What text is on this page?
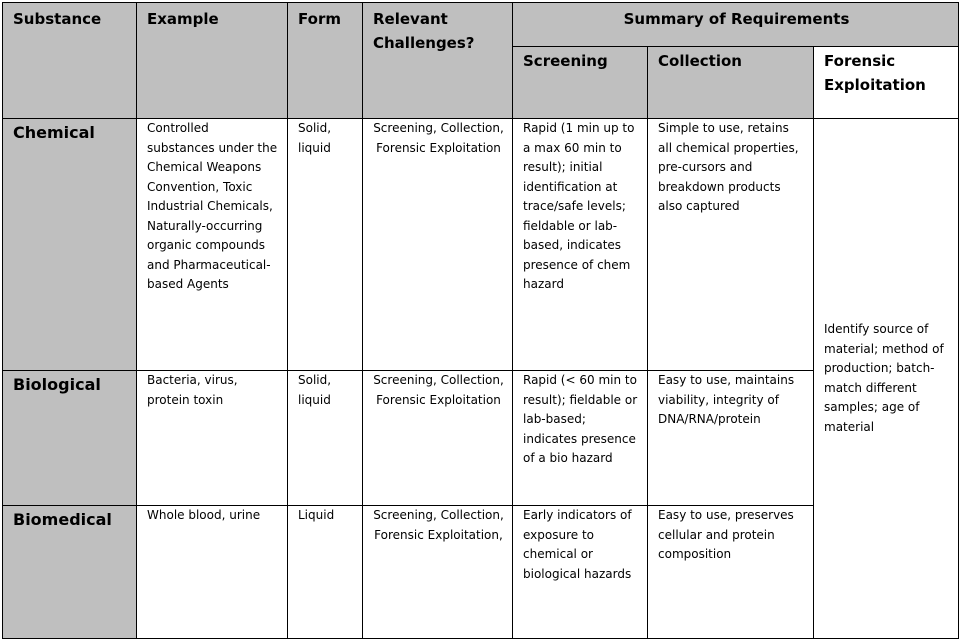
Substance	Example	Form	Relevant Challenges?	Summary of Requirements		
				Screening	Collection	Forensic Exploitation
Chemical	Controlled substances under the Chemical Weapons Convention, Toxic Industrial Chemicals, Naturally-occurring organic compounds and Pharmaceutical-based Agents	Solid, liquid	Screening, Collection, Forensic Exploitation	Rapid (1 min up to a max 60 min to result); initial identification at trace/safe levels; fieldable or lab-based, indicates presence of chem hazard	Simple to use, retains all chemical properties, pre-cursors and breakdown products also captured	Identify source of material; method of production; batch-match different samples; age of material
Biological	Bacteria, virus, protein toxin	Solid, liquid	Screening, Collection, Forensic Exploitation	Rapid (< 60 min to result); fieldable or lab-based; indicates presence of a bio hazard	Easy to use, maintains viability, integrity of DNA/RNA/protein	
Biomedical	Whole blood, urine	Liquid	Screening, Collection, Forensic Exploitation,	Early indicators of exposure to chemical or biological hazards	Easy to use, preserves cellular and protein composition	
